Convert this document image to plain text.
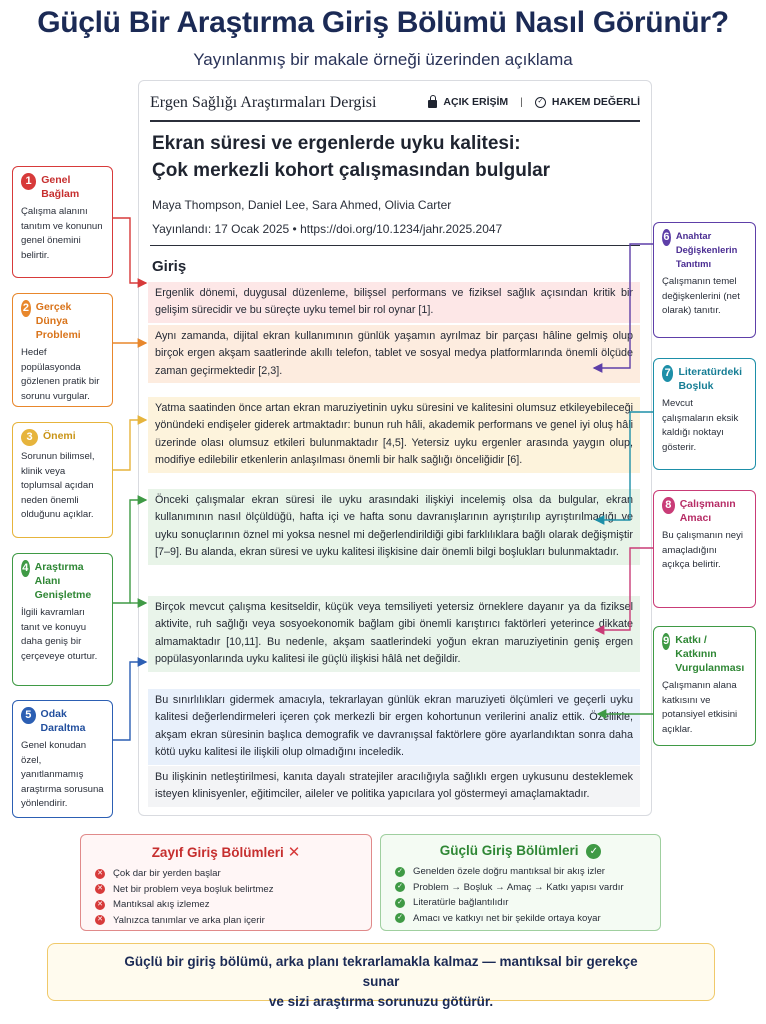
Güçlü Bir Araştırma Giriş Bölümü Nasıl Görünür?
Yayınlanmış bir makale örneği üzerinden açıklama
Ergen Sağlığı Araştırmaları Dergisi	AÇIK ERİŞİM |	✓ HAKEM DEĞERLİ
Ekran süresi ve ergenlerde uyku kalitesi:
Çok merkezli kohort çalışmasından bulgular
Maya Thompson, Daniel Lee, Sara Ahmed, Olivia Carter
Yayınlandı: 17 Ocak 2025 • https://doi.org/10.1234/jahr.2025.2047
Giriş
Ergenlik dönemi, duygusal düzenleme, bilişsel performans ve fiziksel sağlık açısından kritik bir gelişim sürecidir ve bu süreçte uyku temel bir rol oynar [1].
Aynı zamanda, dijital ekran kullanımının günlük yaşamın ayrılmaz bir parçası hâline gelmiş olup birçok ergen akşam saatlerinde akıllı telefon, tablet ve sosyal medya platformlarında önemli ölçüde zaman geçirmektedir [2,3].
Yatma saatinden önce artan ekran maruziyetinin uyku süresini ve kalitesini olumsuz etkileyebileceği yönündeki endişeler giderek artmaktadır: bunun ruh hâli, akademik performans ve genel iyi oluş hâli üzerinde olası olumsuz etkileri bulunmaktadır [4,5]. Yetersiz uyku ergenler arasında yaygın olup, modifiye edilebilir etkenlerin anlaşılması önemli bir halk sağlığı önceliğidir [6].
Önceki çalışmalar ekran süresi ile uyku arasındaki ilişkiyi incelemiş olsa da bulgular, ekran kullanımının nasıl ölçüldüğü, hafta içi ve hafta sonu davranışlarının ayrıştırılıp ayrıştırılmadığı ve uyku sonuçlarının öznel mi yoksa nesnel mi değerlendirildiği gibi farklılıklara bağlı olarak değişmiştir [7–9]. Bu alanda, ekran süresi ve uyku kalitesi ilişkisine dair önemli bilgi boşlukları bulunmaktadır.
Birçok mevcut çalışma kesitseldir, küçük veya temsiliyeti yetersiz örneklere dayanır ya da fiziksel aktivite, ruh sağlığı veya sosyoekonomik bağlam gibi önemli karıştırıcı faktörleri yeterince dikkate almamaktadır [10,11]. Bu nedenle, akşam saatlerindeki yoğun ekran maruziyetinin geniş ergen popülasyonlarında uyku kalitesi ile güçlü ilişkisi hâlâ net değildir.
Bu sınırlılıkları gidermek amacıyla, tekrarlayan günlük ekran maruziyeti ölçümleri ve geçerli uyku kalitesi değerlendirmeleri içeren çok merkezli bir ergen kohortunun verilerini analiz ettik. Özellikle, akşam ekran süresinin başlıca demografik ve davranışsal faktörlere göre ayarlandıktan sonra daha kötü uyku kalitesi ile ilişkili olup olmadığını inceledik.
Bu ilişkinin netleştirilmesi, kanıta dayalı stratejiler aracılığıyla sağlıklı ergen uykusunu desteklemek isteyen klinisyenler, eğitimciler, aileler ve politika yapıcılara yol göstermeyi amaçlamaktadır.
1 Genel Bağlam
Çalışma alanını tanıtım ve konunun genel önemini belirtir.
2 Gerçek Dünya Problemi
Hedef popülasyonda gözlenen pratik bir sorunu vurgular.
3 Önemi
Sorunun bilimsel, klinik veya toplumsal açıdan neden önemli olduğunu açıklar.
4 Araştırma Alanı Genişletme
İlgili kavramları tanıt ve konuyu daha geniş bir çerçeveye oturtur.
5 Odak Daraltma
Genel konudan özel, yanıtlanmamış araştırma sorusuna yönlendirir.
6 Anahtar Değişkenlerin Tanıtımı
Çalışmanın temel değişkenlerini (net olarak) tanıtır.
7 Literatürdeki Boşluk
Mevcut çalışmaların eksik kaldığı noktayı gösterir.
8 Çalışmanın Amacı
Bu çalışmanın neyi amaçladığını açıkça belirtir.
9 Katkı / Katkının Vurgulanması
Çalışmanın alana katkısını ve potansiyel etkisini açıklar.
Zayıf Giriş Bölümleri ✕
✕ Çok dar bir yerden başlar
✕ Net bir problem veya boşluk belirtmez
✕ Mantıksal akış izlemez
✕ Yalnızca tanımlar ve arka plan içerir
Güçlü Giriş Bölümleri ✓
✓ Genelden özele doğru mantıksal bir akış izler
✓ Problem → Boşluk → Amaç → Katkı yapısı vardır
✓ Literatürle bağlantılıdır
✓ Amacı ve katkıyı net bir şekilde ortaya koyar
Güçlü bir giriş bölümü, arka planı tekrarlamakla kalmaz — mantıksal bir gerekçe sunar
ve sizi araştırma sorunuzu götürür.
